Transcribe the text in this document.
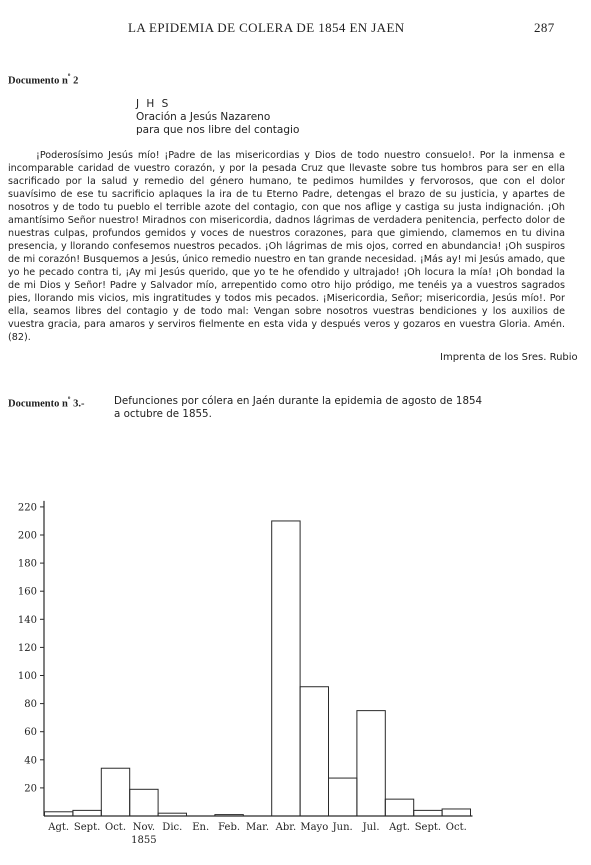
LA EPIDEMIA DE COLERA DE 1854 EN JAEN	287
Documento $n^º$ 2
J H S
Oración a Jesús Nazareno
para que nos libre del contagio

¡Poderosísimo Jesús mío! ¡Padre de las misericordias y Dios de todo nuestro consuelo!. Por la inmensa e incomparable caridad de vuestro corazón, y por la pesada Cruz que llevaste sobre tus hombros para ser en ella sacrificado por la salud y remedio del género humano, te pedimos humildes y fervorosos, que con el dolor suavísimo de ese tu sacrificio aplaques la ira de tu Eterno Padre, detengas el brazo de su justicia, y apartes de nosotros y de todo tu pueblo el terrible azote del contagio, con que nos aflige y castiga su justa indignación. ¡Oh amantísimo Señor nuestro! Miradnos con misericordia, dadnos lágrimas de verdadera penitencia, perfecto dolor de nuestras culpas, profundos gemidos y voces de nuestros corazones, para que gimiendo, clamemos en tu divina presencia, y llorando confesemos nuestros pecados. ¡Oh lágrimas de mis ojos, corred en abundancia! ¡Oh suspiros de mi corazón! Busquemos a Jesús, único remedio nuestro en tan grande necesidad. ¡Más ay! mi Jesús amado, que yo he pecado contra ti, ¡Ay mi Jesús querido, que yo te he ofendido y ultrajado! ¡Oh locura la mía! ¡Oh bondad la de mi Dios y Señor! Padre y Salvador mío, arrepentido como otro hijo pródigo, me tenéis ya a vuestros sagrados pies, llorando mis vicios, mis ingratitudes y todos mis pecados. ¡Misericordia, Señor; misericordia, Jesús mío!. Por ella, seamos libres del contagio y de todo mal: Vengan sobre nosotros vuestras bendiciones y los auxilios de vuestra gracia, para amaros y serviros fielmente en esta vida y después veros y gozaros en vuestra Gloria. Amén. (82).

Imprenta de los Sres. Rubio
Documento $n^º$ 3.-	Defunciones por cólera en Jaén durante la epidemia de agosto de 1854
a octubre de 1855.
20
40
60
80
100
120
140
160
180
200
220
Agt. Sept. Oct. Nov. Dic. En. Feb. Mar. Abr. Mayo Jun. Jul. Agt. Sept. Oct.
1855
